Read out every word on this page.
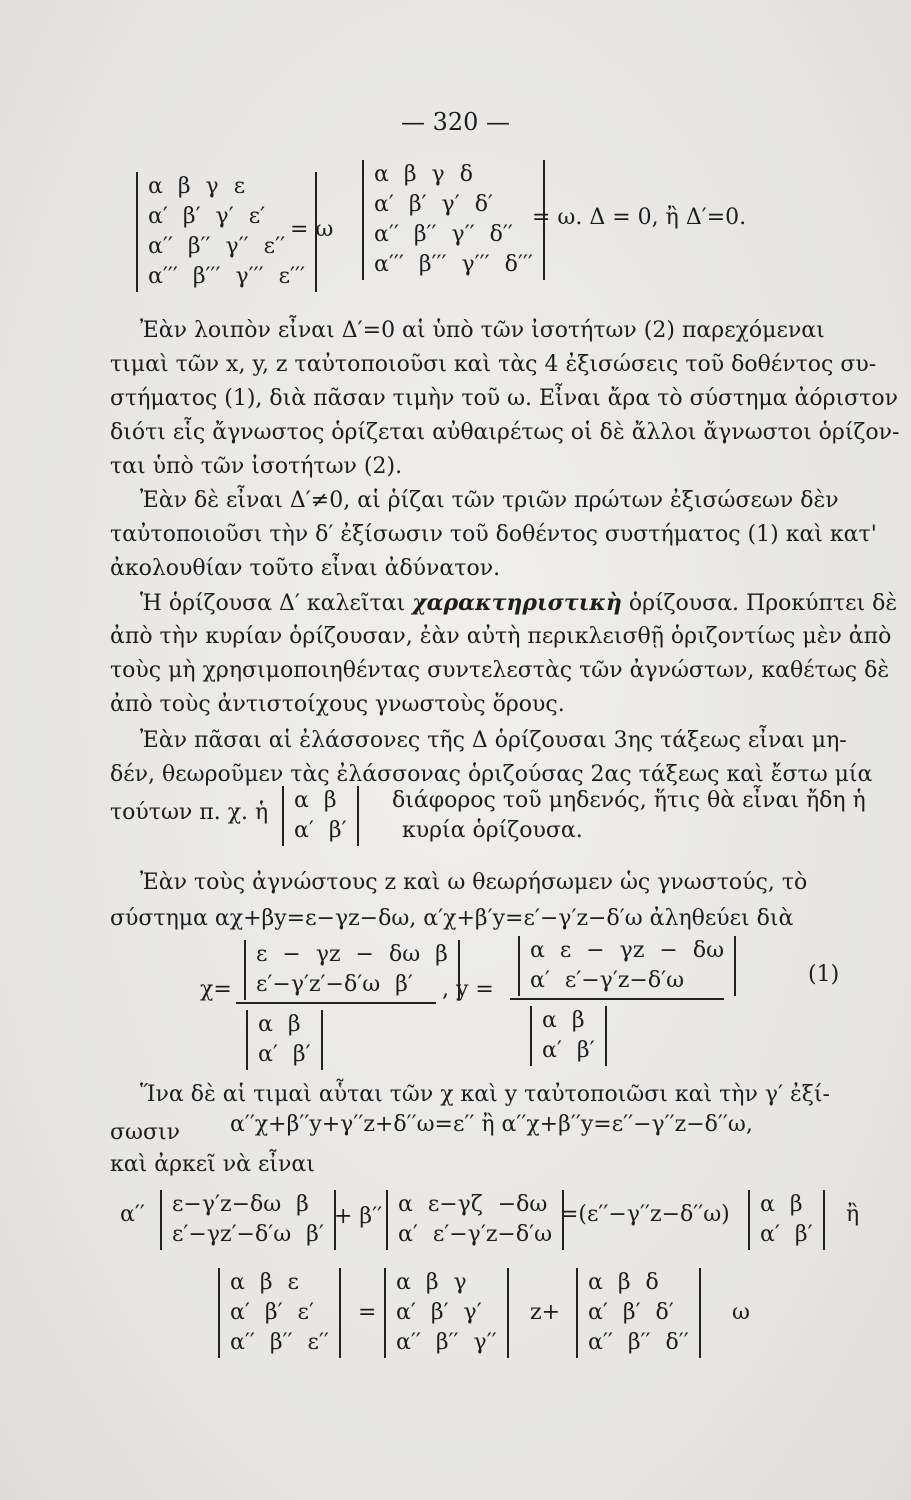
— 320 —
α β γ ε
α′ β′ γ′ ε′
α′′ β′′ γ′′ ε′′
α′′′ β′′′ γ′′′ ε′′′
= ω
α β γ δ
α′ β′ γ′ δ′
α′′ β′′ γ′′ δ′′
α′′′ β′′′ γ′′′ δ′′′
= ω. Δ = 0, ἢ Δ′=0.
Ἐὰν λοιπὸν εἶναι Δ′=0 αἱ ὑπὸ τῶν ἰσοτήτων (2) παρεχόμεναι
τιμαὶ τῶν x, y, z ταὐτοποιοῦσι καὶ τὰς 4 ἐξισώσεις τοῦ δοθέντος συ-
στήματος (1), διὰ πᾶσαν τιμὴν τοῦ ω. Εἶναι ἄρα τὸ σύστημα ἀόριστον
διότι εἷς ἄγνωστος ὁρίζεται αὐθαιρέτως οἱ δὲ ἄλλοι ἄγνωστοι ὁρίζον-
ται ὑπὸ τῶν ἰσοτήτων (2).
Ἐὰν δὲ εἶναι Δ′≠0, αἱ ῥίζαι τῶν τριῶν πρώτων ἐξισώσεων δὲν
ταὐτοποιοῦσι τὴν δ′ ἐξίσωσιν τοῦ δοθέντος συστήματος (1) καὶ κατ'
ἀκολουθίαν τοῦτο εἶναι ἀδύνατον.
Ἡ ὁρίζουσα Δ′ καλεῖται χαρακτηριστικὴ ὁρίζουσα. Προκύπτει δὲ
ἀπὸ τὴν κυρίαν ὁρίζουσαν, ἐὰν αὐτὴ περικλεισθῇ ὁριζοντίως μὲν ἀπὸ
τοὺς μὴ χρησιμοποιηθέντας συντελεστὰς τῶν ἀγνώστων, καθέτως δὲ
ἀπὸ τοὺς ἀντιστοίχους γνωστοὺς ὅρους.
Ἐὰν πᾶσαι αἱ ἐλάσσονες τῆς Δ ὁρίζουσαι 3ης τάξεως εἶναι μη-
δέν, θεωροῦμεν τὰς ἐλάσσονας ὁριζούσας 2ας τάξεως καὶ ἔστω μία
τούτων π. χ. ἡ	α β
α′ β′
διάφορος τοῦ μηδενός, ἥτις θὰ εἶναι ἤδη ἡ
κυρία ὁρίζουσα.
Ἐὰν τοὺς ἀγνώστους z καὶ ω θεωρήσωμεν ὡς γνωστούς, τὸ
σύστημα αχ+βy=ε−γz−δω, α′χ+β′y=ε′−γ′z−δ′ω ἀληθεύει διὰ
χ=
ε − γz − δω β
ε′−γ′z′−δ′ω β′
α β
α′ β′
, y =
α ε − γz − δω
α′ ε′−γ′z−δ′ω
α β
α′ β′
(1)
Ἵνα δὲ αἱ τιμαὶ αὗται τῶν χ καὶ y ταὐτοποιῶσι καὶ τὴν γ′ ἐξί-
σωσιν α′′χ+β′′y+γ′′z+δ′′ω=ε′′ ἢ α′′χ+β′′y=ε′′−γ′′z−δ′′ω,
καὶ ἀρκεῖ νὰ εἶναι
α′′	ε−γ′z−δω β
ε′−γz′−δ′ω β′
+ β′′ α ε−γζ −δω
α′ ε′−γ′z−δ′ω
=(ε′′−γ′′z−δ′′ω)	α β
α′ β′
ἢ
α β ε
α′ β′ ε′
α′′ β′′ ε′′
=
α β γ
α′ β′ γ′
α′′ β′′ γ′′
z+
α β δ
α′ β′ δ′
α′′ β′′ δ′′
ω
